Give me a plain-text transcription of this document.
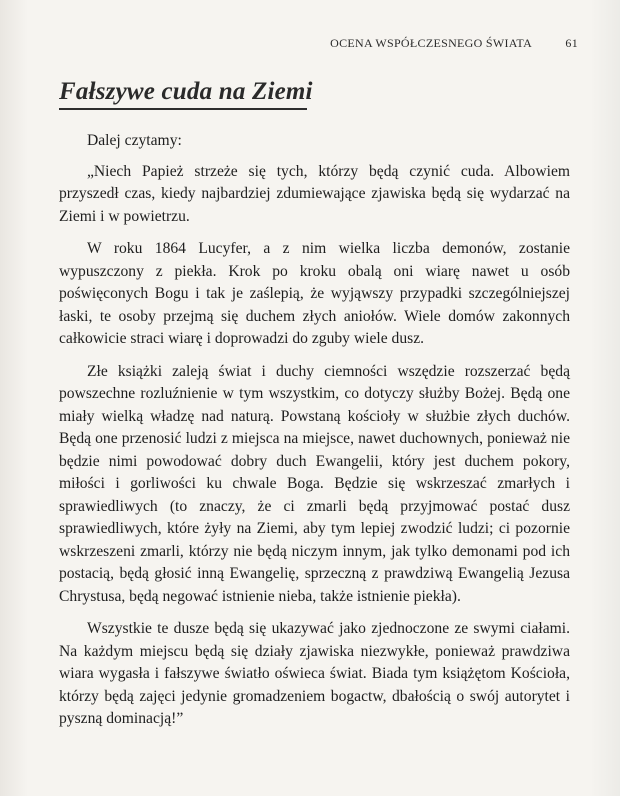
OCENA WSPÓŁCZESNEGO ŚWIATA	61
Fałszywe cuda na Ziemi

Dalej czytamy:

„Niech Papież strzeże się tych, którzy będą czynić cuda. Albowiem przyszedł czas, kiedy najbardziej zdumiewające zjawiska będą się wydarzać na Ziemi i w powietrzu.

W roku 1864 Lucyfer, a z nim wielka liczba demonów, zostanie wypuszczony z piekła. Krok po kroku obalą oni wiarę nawet u osób poświęconych Bogu i tak je zaślepią, że wyjąwszy przypadki szczególniejszej łaski, te osoby przejmą się duchem złych aniołów. Wiele domów zakonnych całkowicie straci wiarę i doprowadzi do zguby wiele dusz.

Złe książki zaleją świat i duchy ciemności wszędzie rozszerzać będą powszechne rozluźnienie w tym wszystkim, co dotyczy służby Bożej. Będą one miały wielką władzę nad naturą. Powstaną kościoły w służbie złych duchów. Będą one przenosić ludzi z miejsca na miejsce, nawet duchownych, ponieważ nie będzie nimi powodować dobry duch Ewangelii, który jest duchem pokory, miłości i gorliwości ku chwale Boga. Będzie się wskrzeszać zmarłych i sprawiedliwych (to znaczy, że ci zmarli będą przyjmować postać dusz sprawiedliwych, które żyły na Ziemi, aby tym lepiej zwodzić ludzi; ci pozornie wskrzeszeni zmarli, którzy nie będą niczym innym, jak tylko demonami pod ich postacią, będą głosić inną Ewangelię, sprzeczną z prawdziwą Ewangelią Jezusa Chrystusa, będą negować istnienie nieba, także istnienie piekła).

Wszystkie te dusze będą się ukazywać jako zjednoczone ze swymi ciałami. Na każdym miejscu będą się działy zjawiska niezwykłe, ponieważ prawdziwa wiara wygasła i fałszywe światło oświeca świat. Biada tym książętom Kościoła, którzy będą zajęci jedynie gromadzeniem bogactw, dbałością o swój autorytet i pyszną dominacją!”
